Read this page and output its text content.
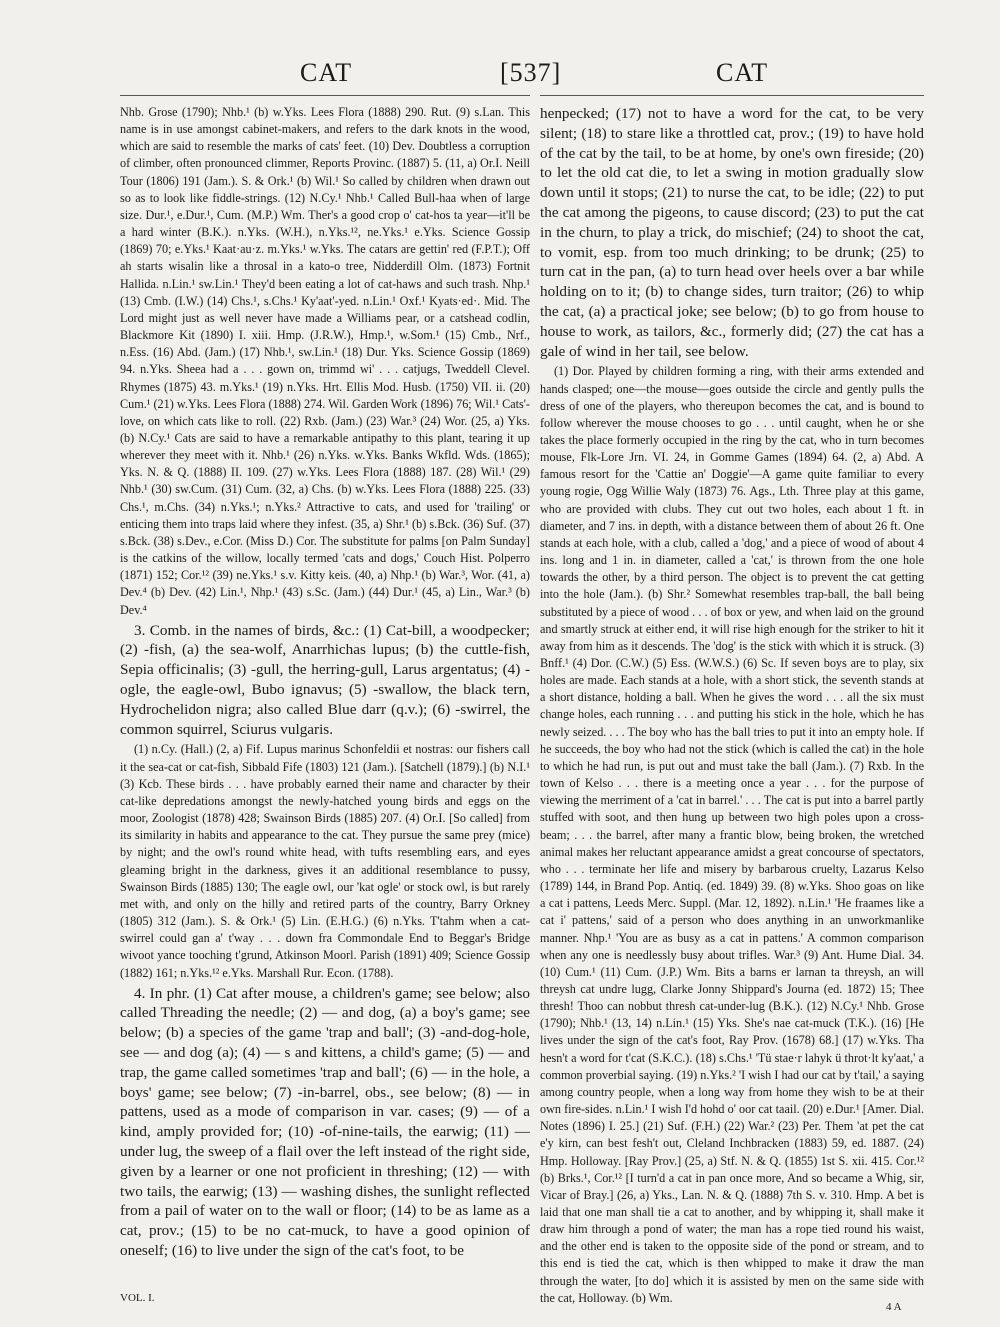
CAT	[537]	CAT

Nhb. Grose (1790); Nhb.¹ (b) w.Yks. Lees Flora (1888) 290. Rut. (9) s.Lan. This name is in use amongst cabinet-makers, and refers to the dark knots in the wood, which are said to resemble the marks of cats' feet. (10) Dev. Doubtless a corruption of climber, often pronounced climmer, Reports Provinc. (1887) 5. (11, a) Or.I. Neill Tour (1806) 191 (Jam.). S. & Ork.¹ (b) Wil.¹ So called by children when drawn out so as to look like fiddle-strings. (12) N.Cy.¹ Nhb.¹ Called Bull-haa when of large size. Dur.¹, e.Dur.¹, Cum. (M.P.) Wm. Ther's a good crop o' cat-hos ta year—it'll be a hard winter (B.K.). n.Yks. (W.H.), n.Yks.¹², ne.Yks.¹ e.Yks. Science Gossip (1869) 70; e.Yks.¹ Kaat·au·z. m.Yks.¹ w.Yks. The catars are gettin' red (F.P.T.); Off ah starts wisalin like a throsal in a kato-o tree, Nidderdill Olm. (1873) Fortnit Hallida. n.Lin.¹ sw.Lin.¹ They'd been eating a lot of cat-haws and such trash. Nhp.¹ (13) Cmb. (I.W.) (14) Chs.¹, s.Chs.¹ Ky'aat'-yed. n.Lin.¹ Oxf.¹ Kyats·ed·. Mid. The Lord might just as well never have made a Williams pear, or a catshead codlin, Blackmore Kit (1890) I. xiii. Hmp. (J.R.W.), Hmp.¹, w.Som.¹ (15) Cmb., Nrf., n.Ess. (16) Abd. (Jam.) (17) Nhb.¹, sw.Lin.¹ (18) Dur. Yks. Science Gossip (1869) 94. n.Yks. Sheea had a . . . gown on, trimmd wi' . . . catjugs, Tweddell Clevel. Rhymes (1875) 43. m.Yks.¹ (19) n.Yks. Hrt. Ellis Mod. Husb. (1750) VII. ii. (20) Cum.¹ (21) w.Yks. Lees Flora (1888) 274. Wil. Garden Work (1896) 76; Wil.¹ Cats'-love, on which cats like to roll. (22) Rxb. (Jam.) (23) War.³ (24) Wor. (25, a) Yks. (b) N.Cy.¹ Cats are said to have a remarkable antipathy to this plant, tearing it up wherever they meet with it. Nhb.¹ (26) n.Yks. w.Yks. Banks Wkfld. Wds. (1865); Yks. N. & Q. (1888) II. 109. (27) w.Yks. Lees Flora (1888) 187. (28) Wil.¹ (29) Nhb.¹ (30) sw.Cum. (31) Cum. (32, a) Chs. (b) w.Yks. Lees Flora (1888) 225. (33) Chs.¹, m.Chs. (34) n.Yks.¹; n.Yks.² Attractive to cats, and used for 'trailing' or enticing them into traps laid where they infest. (35, a) Shr.¹ (b) s.Bck. (36) Suf. (37) s.Bck. (38) s.Dev., e.Cor. (Miss D.) Cor. The substitute for palms [on Palm Sunday] is the catkins of the willow, locally termed 'cats and dogs,' Couch Hist. Polperro (1871) 152; Cor.¹² (39) ne.Yks.¹ s.v. Kitty keis. (40, a) Nhp.¹ (b) War.³, Wor. (41, a) Dev.⁴ (b) Dev. (42) Lin.¹, Nhp.¹ (43) s.Sc. (Jam.) (44) Dur.¹ (45, a) Lin., War.³ (b) Dev.⁴

3. Comb. in the names of birds, &c.: (1) Cat-bill, a woodpecker; (2) -fish, (a) the sea-wolf, Anarrhichas lupus; (b) the cuttle-fish, Sepia officinalis; (3) -gull, the herring-gull, Larus argentatus; (4) -ogle, the eagle-owl, Bubo ignavus; (5) -swallow, the black tern, Hydrochelidon nigra; also called Blue darr (q.v.); (6) -swirrel, the common squirrel, Sciurus vulgaris.

(1) n.Cy. (Hall.) (2, a) Fif. Lupus marinus Schonfeldii et nostras: our fishers call it the sea-cat or cat-fish, Sibbald Fife (1803) 121 (Jam.). [Satchell (1879).] (b) N.I.¹ (3) Kcb. These birds . . . have probably earned their name and character by their cat-like depredations amongst the newly-hatched young birds and eggs on the moor, Zoologist (1878) 428; Swainson Birds (1885) 207. (4) Or.I. [So called] from its similarity in habits and appearance to the cat. They pursue the same prey (mice) by night; and the owl's round white head, with tufts resembling ears, and eyes gleaming bright in the darkness, gives it an additional resemblance to pussy, Swainson Birds (1885) 130; The eagle owl, our 'kat ogle' or stock owl, is but rarely met with, and only on the hilly and retired parts of the country, Barry Orkney (1805) 312 (Jam.). S. & Ork.¹ (5) Lin. (E.H.G.) (6) n.Yks. T'tahm when a cat-swirrel could gan a' t'way . . . down fra Commondale End to Beggar's Bridge wivoot yance tooching t'grund, Atkinson Moorl. Parish (1891) 409; Science Gossip (1882) 161; n.Yks.¹² e.Yks. Marshall Rur. Econ. (1788).

4. In phr. (1) Cat after mouse, a children's game; see below; also called Threading the needle; (2) — and dog, (a) a boy's game; see below; (b) a species of the game 'trap and ball'; (3) -and-dog-hole, see — and dog (a); (4) — s and kittens, a child's game; (5) — and trap, the game called sometimes 'trap and ball'; (6) — in the hole, a boys' game; see below; (7) -in-barrel, obs., see below; (8) — in pattens, used as a mode of comparison in var. cases; (9) — of a kind, amply provided for; (10) -of-nine-tails, the earwig; (11) — under lug, the sweep of a flail over the left instead of the right side, given by a learner or one not proficient in threshing; (12) — with two tails, the earwig; (13) — washing dishes, the sunlight reflected from a pail of water on to the wall or floor; (14) to be as lame as a cat, prov.; (15) to be no cat-muck, to have a good opinion of oneself; (16) to live under the sign of the cat's foot, to be

henpecked; (17) not to have a word for the cat, to be very silent; (18) to stare like a throttled cat, prov.; (19) to have hold of the cat by the tail, to be at home, by one's own fireside; (20) to let the old cat die, to let a swing in motion gradually slow down until it stops; (21) to nurse the cat, to be idle; (22) to put the cat among the pigeons, to cause discord; (23) to put the cat in the churn, to play a trick, do mischief; (24) to shoot the cat, to vomit, esp. from too much drinking; to be drunk; (25) to turn cat in the pan, (a) to turn head over heels over a bar while holding on to it; (b) to change sides, turn traitor; (26) to whip the cat, (a) a practical joke; see below; (b) to go from house to house to work, as tailors, &c., formerly did; (27) the cat has a gale of wind in her tail, see below.

(1) Dor. Played by children forming a ring, with their arms extended and hands clasped; one—the mouse—goes outside the circle and gently pulls the dress of one of the players, who thereupon becomes the cat, and is bound to follow wherever the mouse chooses to go . . . until caught, when he or she takes the place formerly occupied in the ring by the cat, who in turn becomes mouse, Flk-Lore Jrn. VI. 24, in Gomme Games (1894) 64. (2, a) Abd. A famous resort for the 'Cattie an' Doggie'—A game quite familiar to every young rogie, Ogg Willie Waly (1873) 76. Ags., Lth. Three play at this game, who are provided with clubs. They cut out two holes, each about 1 ft. in diameter, and 7 ins. in depth, with a distance between them of about 26 ft. One stands at each hole, with a club, called a 'dog,' and a piece of wood of about 4 ins. long and 1 in. in diameter, called a 'cat,' is thrown from the one hole towards the other, by a third person. The object is to prevent the cat getting into the hole (Jam.). (b) Shr.² Somewhat resembles trap-ball, the ball being substituted by a piece of wood . . . of box or yew, and when laid on the ground and smartly struck at either end, it will rise high enough for the striker to hit it away from him as it descends. The 'dog' is the stick with which it is struck. (3) Bnff.¹ (4) Dor. (C.W.) (5) Ess. (W.W.S.) (6) Sc. If seven boys are to play, six holes are made. Each stands at a hole, with a short stick, the seventh stands at a short distance, holding a ball. When he gives the word . . . all the six must change holes, each running . . . and putting his stick in the hole, which he has newly seized. . . . The boy who has the ball tries to put it into an empty hole. If he succeeds, the boy who had not the stick (which is called the cat) in the hole to which he had run, is put out and must take the ball (Jam.). (7) Rxb. In the town of Kelso . . . there is a meeting once a year . . . for the purpose of viewing the merriment of a 'cat in barrel.' . . . The cat is put into a barrel partly stuffed with soot, and then hung up between two high poles upon a cross-beam; . . . the barrel, after many a frantic blow, being broken, the wretched animal makes her reluctant appearance amidst a great concourse of spectators, who . . . terminate her life and misery by barbarous cruelty, Lazarus Kelso (1789) 144, in Brand Pop. Antiq. (ed. 1849) 39. (8) w.Yks. Shoo goas on like a cat i pattens, Leeds Merc. Suppl. (Mar. 12, 1892). n.Lin.¹ 'He fraames like a cat i' pattens,' said of a person who does anything in an unworkmanlike manner. Nhp.¹ 'You are as busy as a cat in pattens.' A common comparison when any one is needlessly busy about trifles. War.³ (9) Ant. Hume Dial. 34. (10) Cum.¹ (11) Cum. (J.P.) Wm. Bits a barns er larnan ta threysh, an will threysh cat undre lugg, Clarke Jonny Shippard's Journa (ed. 1872) 15; Thee thresh! Thoo can nobbut thresh cat-under-lug (B.K.). (12) N.Cy.¹ Nhb. Grose (1790); Nhb.¹ (13, 14) n.Lin.¹ (15) Yks. She's nae cat-muck (T.K.). (16) [He lives under the sign of the cat's foot, Ray Prov. (1678) 68.] (17) w.Yks. Tha hesn't a word for t'cat (S.K.C.). (18) s.Chs.¹ 'Tü stae·r lahyk ü throt·lt ky'aat,' a common proverbial saying. (19) n.Yks.² 'I wish I had our cat by t'tail,' a saying among country people, when a long way from home they wish to be at their own fire-sides. n.Lin.¹ I wish I'd hohd o' oor cat taail. (20) e.Dur.¹ [Amer. Dial. Notes (1896) I. 25.] (21) Suf. (F.H.) (22) War.² (23) Per. Them 'at pet the cat e'y kirn, can best fesh't out, Cleland Inchbracken (1883) 59, ed. 1887. (24) Hmp. Holloway. [Ray Prov.] (25, a) Stf. N. & Q. (1855) 1st S. xii. 415. Cor.¹² (b) Brks.¹, Cor.¹² [I turn'd a cat in pan once more, And so became a Whig, sir, Vicar of Bray.] (26, a) Yks., Lan. N. & Q. (1888) 7th S. v. 310. Hmp. A bet is laid that one man shall tie a cat to another, and by whipping it, shall make it draw him through a pond of water; the man has a rope tied round his waist, and the other end is taken to the opposite side of the pond or stream, and to this end is tied the cat, which is then whipped to make it draw the man through the water, [to do] which it is assisted by men on the same side with the cat, Holloway. (b) Wm.

VOL. I.
4 A
